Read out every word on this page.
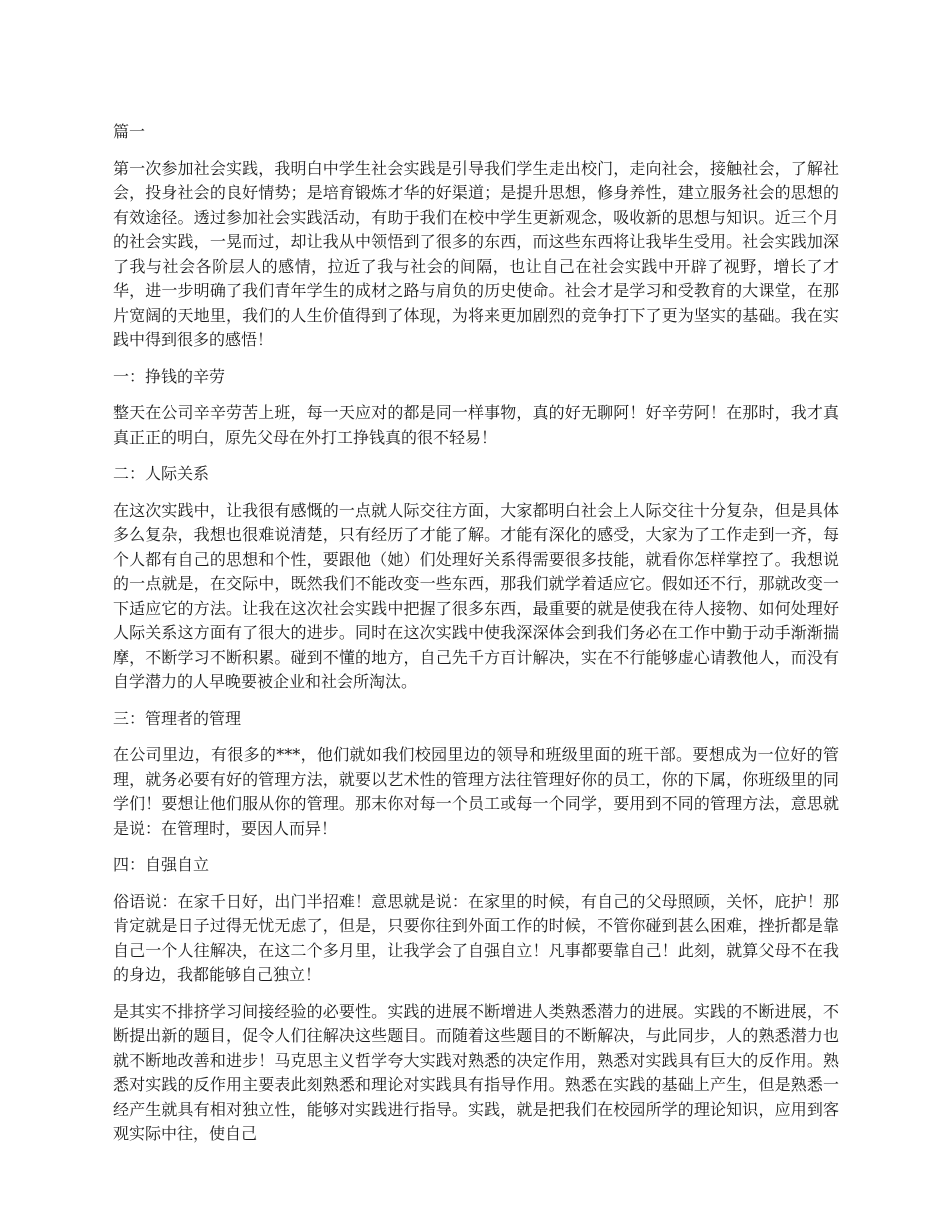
篇一

第一次参加社会实践，我明白中学生社会实践是引导我们学生走出校门，走向社会，接触社会，了解社会，投身社会的良好情势；是培育锻炼才华的好渠道；是提升思想，修身养性，建立服务社会的思想的有效途径。透过参加社会实践活动，有助于我们在校中学生更新观念，吸收新的思想与知识。近三个月的社会实践，一晃而过，却让我从中领悟到了很多的东西，而这些东西将让我毕生受用。社会实践加深了我与社会各阶层人的感情，拉近了我与社会的间隔，也让自己在社会实践中开辟了视野，增长了才华，进一步明确了我们青年学生的成材之路与肩负的历史使命。社会才是学习和受教育的大课堂，在那片宽阔的天地里，我们的人生价值得到了体现，为将来更加剧烈的竞争打下了更为坚实的基础。我在实践中得到很多的感悟！

一：挣钱的辛劳

整天在公司辛辛劳苦上班，每一天应对的都是同一样事物，真的好无聊阿！好辛劳阿！在那时，我才真真正正的明白，原先父母在外打工挣钱真的很不轻易！

二：人际关系

在这次实践中，让我很有感慨的一点就人际交往方面，大家都明白社会上人际交往十分复杂，但是具体多么复杂，我想也很难说清楚，只有经历了才能了解。才能有深化的感受，大家为了工作走到一齐，每个人都有自己的思想和个性，要跟他（她）们处理好关系得需要很多技能，就看你怎样掌控了。我想说的一点就是，在交际中，既然我们不能改变一些东西，那我们就学着适应它。假如还不行，那就改变一下适应它的方法。让我在这次社会实践中把握了很多东西，最重要的就是使我在待人接物、如何处理好人际关系这方面有了很大的进步。同时在这次实践中使我深深体会到我们务必在工作中勤于动手渐渐揣摩，不断学习不断积累。碰到不懂的地方，自己先千方百计解决，实在不行能够虚心请教他人，而没有自学潜力的人早晚要被企业和社会所淘汰。

三：管理者的管理

在公司里边，有很多的***，他们就如我们校园里边的领导和班级里面的班干部。要想成为一位好的管理，就务必要有好的管理方法，就要以艺术性的管理方法往管理好你的员工，你的下属，你班级里的同学们！要想让他们服从你的管理。那末你对每一个员工或每一个同学，要用到不同的管理方法，意思就是说：在管理时，要因人而异！

四：自强自立

俗语说：在家千日好，出门半招难！意思就是说：在家里的时候，有自己的父母照顾，关怀，庇护！那肯定就是日子过得无忧无虑了，但是，只要你往到外面工作的时候，不管你碰到甚么困难，挫折都是靠自己一个人往解决，在这二个多月里，让我学会了自强自立！凡事都要靠自己！此刻，就算父母不在我的身边，我都能够自己独立！

是其实不排挤学习间接经验的必要性。实践的进展不断增进人类熟悉潜力的进展。实践的不断进展，不断提出新的题目，促令人们往解决这些题目。而随着这些题目的不断解决，与此同步，人的熟悉潜力也就不断地改善和进步！马克思主义哲学夸大实践对熟悉的决定作用，熟悉对实践具有巨大的反作用。熟悉对实践的反作用主要表此刻熟悉和理论对实践具有指导作用。熟悉在实践的基础上产生，但是熟悉一经产生就具有相对独立性，能够对实践进行指导。实践，就是把我们在校园所学的理论知识，应用到客观实际中往，使自己
